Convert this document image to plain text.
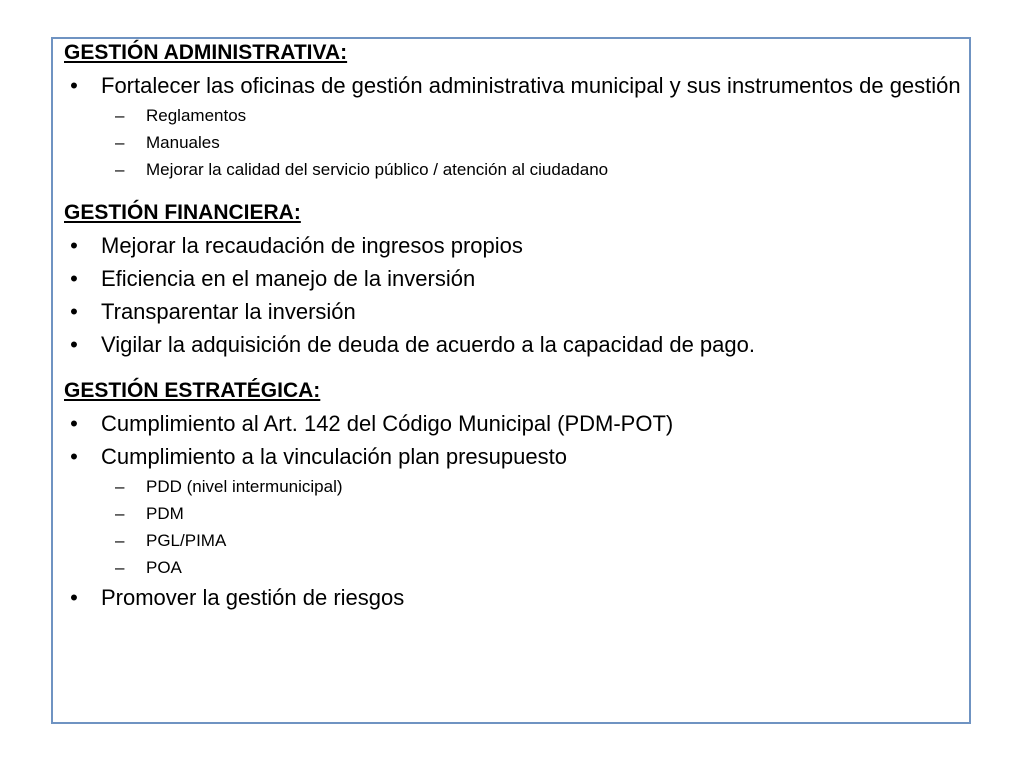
GESTIÓN ADMINISTRATIVA:

• Fortalecer las oficinas de gestión administrativa municipal y sus instrumentos de gestión
– Reglamentos
– Manuales
– Mejorar la calidad del servicio público / atención al ciudadano

GESTIÓN FINANCIERA:

• Mejorar la recaudación de ingresos propios
• Eficiencia en el manejo de la inversión
• Transparentar la inversión
• Vigilar la adquisición de deuda de acuerdo a la capacidad de pago.

GESTIÓN ESTRATÉGICA:

• Cumplimiento al Art. 142 del Código Municipal (PDM-POT)
• Cumplimiento a la vinculación plan presupuesto
– PDD (nivel intermunicipal)
– PDM
– PGL/PIMA
– POA
• Promover la gestión de riesgos
